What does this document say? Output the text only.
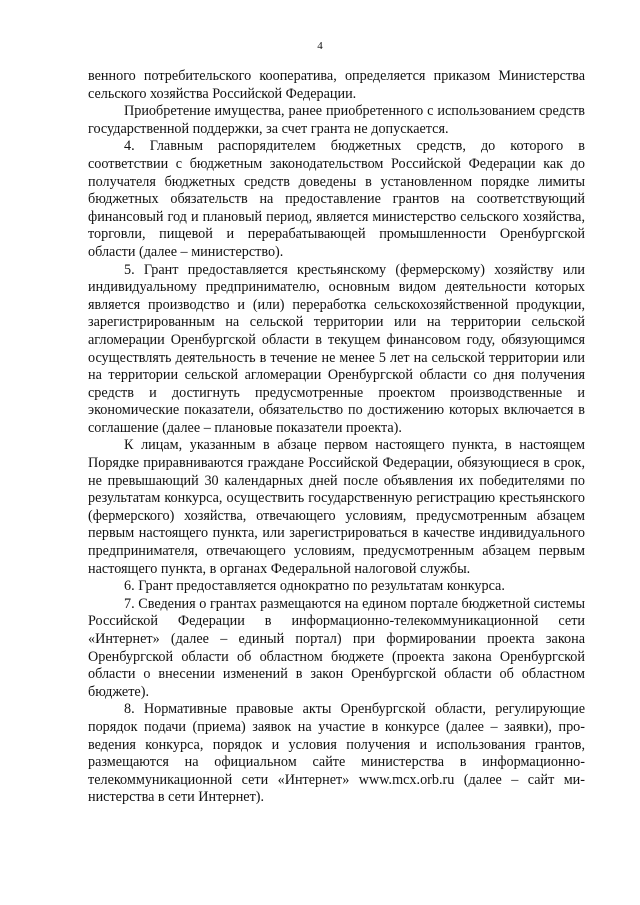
4

венного потребительского кооператива, определяется приказом Министерства сельского хозяйства Российской Федерации.

Приобретение имущества, ранее приобретенного с использованием средств государственной поддержки, за счет гранта не допускается.

4. Главным распорядителем бюджетных средств, до которого в соответствии с бюджетным законодательством Российской Федерации как до получателя бюджетных средств доведены в установленном порядке лимиты бюджетных обязательств на предоставление грантов на соответствующий финансовый год и плановый период, является министерство сельского хозяйства, торговли, пищевой и перерабатывающей промышленности Оренбургской области (далее – министерство).

5. Грант предоставляется крестьянскому (фермерскому) хозяйству или индивидуальному предпринимателю, основным видом деятельности которых является производство и (или) переработка сельскохозяйственной продукции, зарегистрированным на сельской территории или на территории сельской агломерации Оренбургской области в текущем финансовом году, обязующимся осуществлять деятельность в течение не менее 5 лет на сельской территории или на территории сельской агломерации Оренбургской области со дня получения средств и достигнуть предусмотренные проектом производственные и экономические показатели, обязательство по достижению которых включается в соглашение (далее – плановые показатели проекта).

К лицам, указанным в абзаце первом настоящего пункта, в настоящем Порядке приравниваются граждане Российской Федерации, обязующиеся в срок, не превышающий 30 календарных дней после объявления их победителями по результатам конкурса, осуществить государственную регистрацию крестьянского (фермерского) хозяйства, отвечающего условиям, предусмотренным абзацем первым настоящего пункта, или зарегистрироваться в качестве индивидуального предпринимателя, отвечающего условиям, предусмотренным абзацем первым настоящего пункта, в органах Федеральной налоговой службы.

6. Грант предоставляется однократно по результатам конкурса.

7. Сведения о грантах размещаются на едином портале бюджетной системы Российской Федерации в информационно-телекоммуникационной сети «Интернет» (далее – единый портал) при формировании проекта закона Оренбургской области об областном бюджете (проекта закона Оренбургской области о внесении изменений в закон Оренбургской области об областном бюджете).

8. Нормативные правовые акты Оренбургской области, регулирующие порядок подачи (приема) заявок на участие в конкурсе (далее – заявки), проведения конкурса, порядок и условия получения и использования грантов, размещаются на официальном сайте министерства в информационно-телекоммуникационной сети «Интернет» www.mcx.orb.ru (далее – сайт министерства в сети Интернет).
